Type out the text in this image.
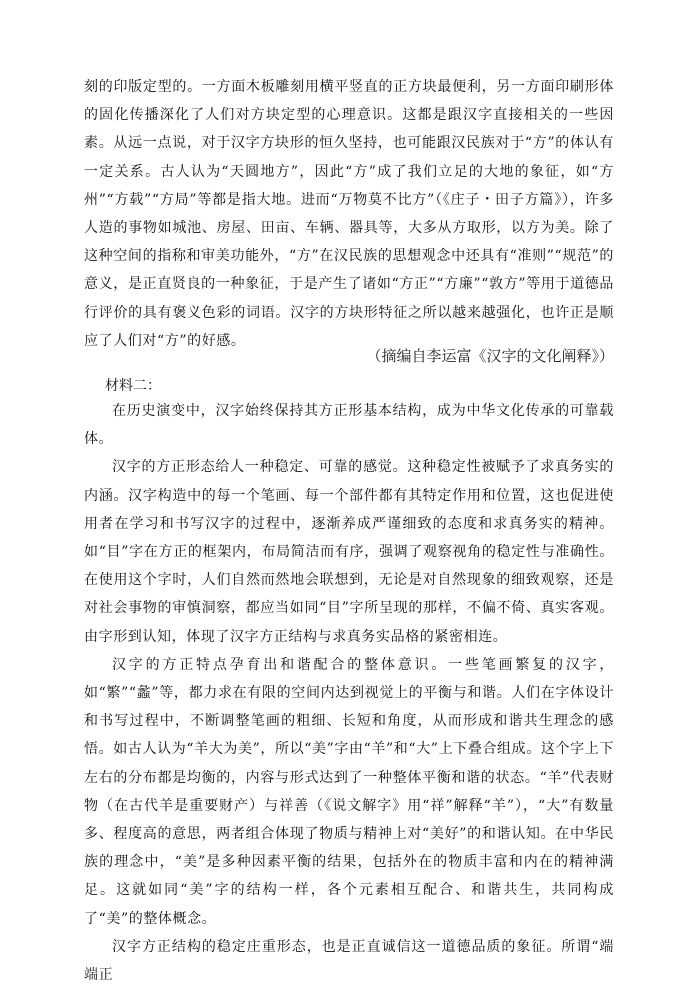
刻的印版定型的。一方面木板雕刻用横平竖直的正方块最便利，另一方面印刷形体的固化传播深化了人们对方块定型的心理意识。这都是跟汉字直接相关的一些因素。从远一点说，对于汉字方块形的恒久坚持，也可能跟汉民族对于“方”的体认有一定关系。古人认为“天圆地方”，因此“方”成了我们立足的大地的象征，如“方州”“方载”“方局”等都是指大地。进而“万物莫不比方”（《庄子・田子方篇》），许多人造的事物如城池、房屋、田亩、车辆、器具等，大多从方取形，以方为美。除了这种空间的指称和审美功能外，“方”在汉民族的思想观念中还具有“准则”“规范”的意义，是正直贤良的一种象征，于是产生了诸如“方正”“方廉”“敦方”等用于道德品行评价的具有褒义色彩的词语。汉字的方块形特征之所以越来越强化，也许正是顺应了人们对“方”的好感。

（摘编自李运富《汉字的文化阐释》）
材料二：

在历史演变中，汉字始终保持其方正形基本结构，成为中华文化传承的可靠载体。

汉字的方正形态给人一种稳定、可靠的感觉。这种稳定性被赋予了求真务实的内涵。汉字构造中的每一个笔画、每一个部件都有其特定作用和位置，这也促进使用者在学习和书写汉字的过程中，逐渐养成严谨细致的态度和求真务实的精神。如“目”字在方正的框架内，布局简洁而有序，强调了观察视角的稳定性与准确性。在使用这个字时，人们自然而然地会联想到，无论是对自然现象的细致观察，还是对社会事物的审慎洞察，都应当如同“目”字所呈现的那样，不偏不倚、真实客观。由字形到认知，体现了汉字方正结构与求真务实品格的紧密相连。

汉字的方正特点孕育出和谐配合的整体意识。一些笔画繁复的汉字，如“繁”“蠡”等，都力求在有限的空间内达到视觉上的平衡与和谐。人们在字体设计和书写过程中，不断调整笔画的粗细、长短和角度，从而形成和谐共生理念的感悟。如古人认为“羊大为美”，所以“美”字由“羊”和“大”上下叠合组成。这个字上下左右的分布都是均衡的，内容与形式达到了一种整体平衡和谐的状态。“羊”代表财物（在古代羊是重要财产）与祥善（《说文解字》用“祥”解释“羊”），“大”有数量多、程度高的意思，两者组合体现了物质与精神上对“美好”的和谐认知。在中华民族的理念中，“美”是多种因素平衡的结果，包括外在的物质丰富和内在的精神满足。这就如同“美”字的结构一样，各个元素相互配合、和谐共生，共同构成了“美”的整体概念。

汉字方正结构的稳定庄重形态，也是正直诚信这一道德品质的象征。所谓“端端正
